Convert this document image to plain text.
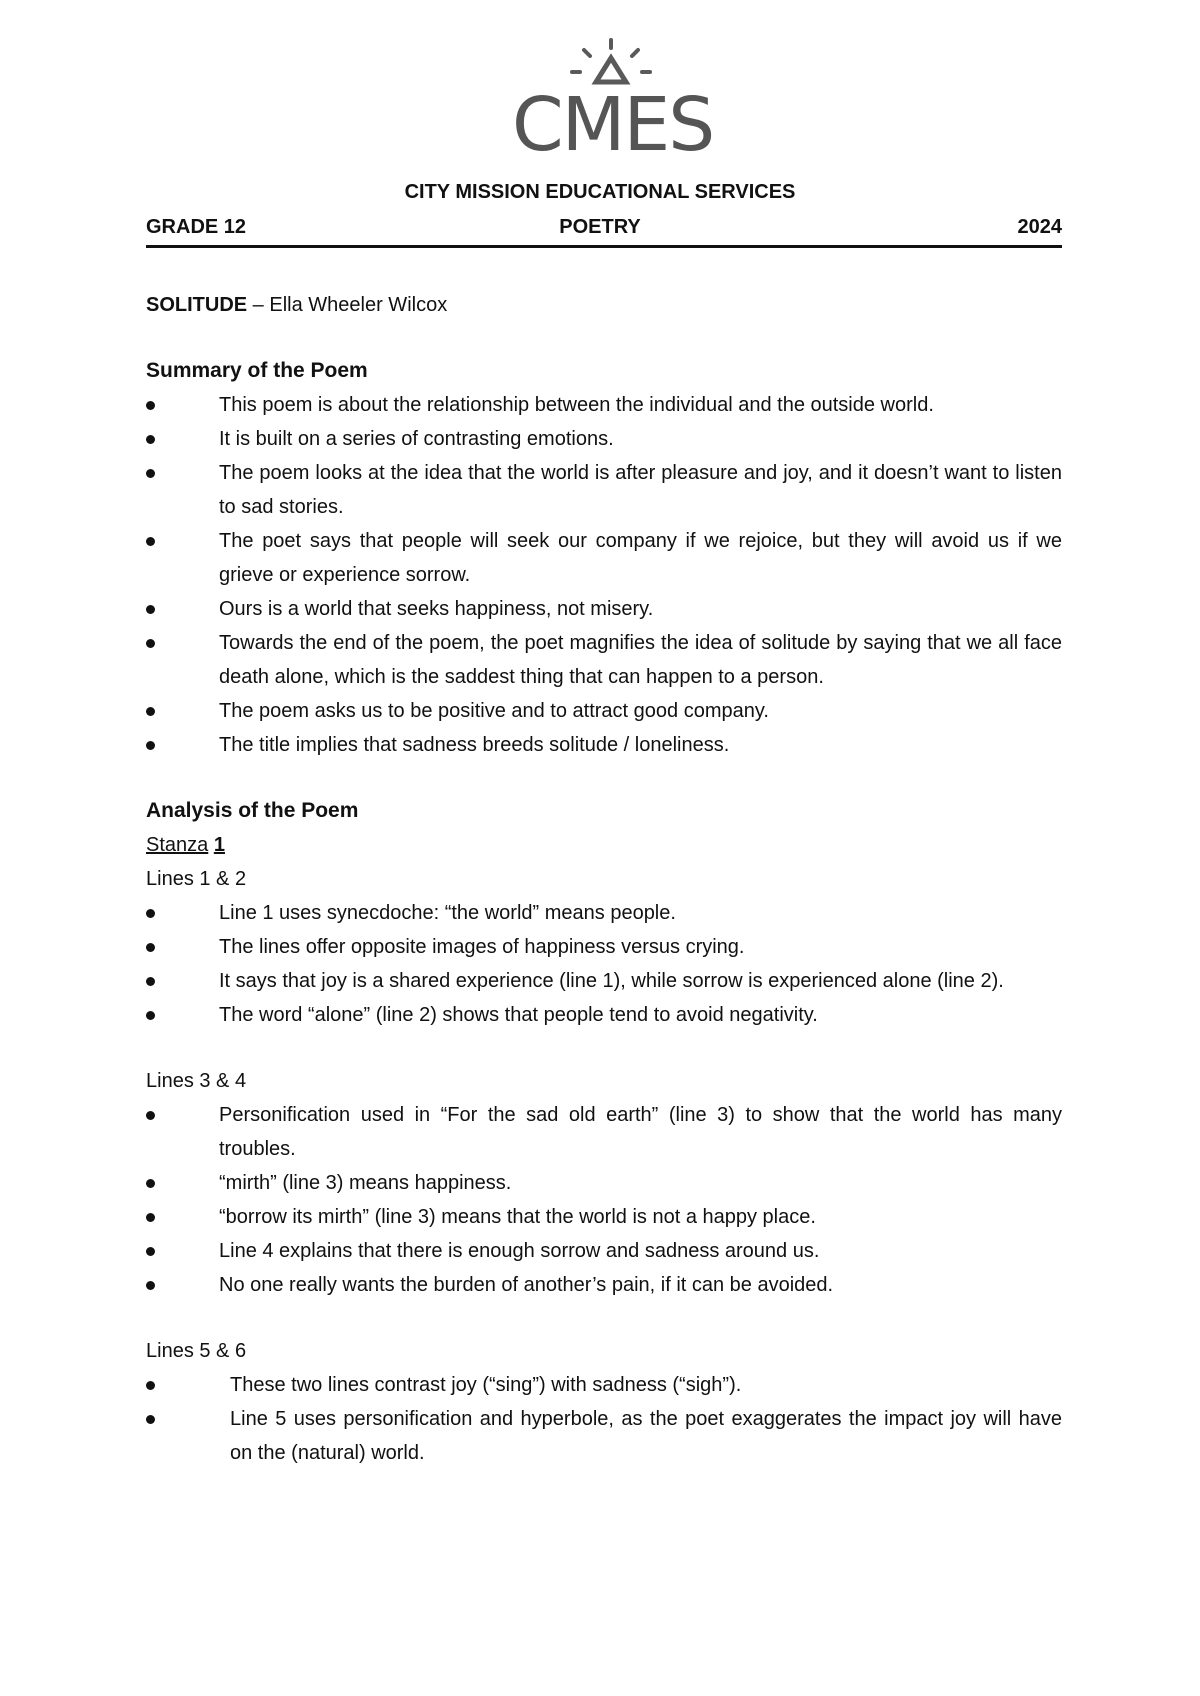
CMES
CITY MISSION EDUCATIONAL SERVICES
GRADE 12	POETRY	2024
SOLITUDE – Ella Wheeler Wilcox
Summary of the Poem
This poem is about the relationship between the individual and the outside world.
It is built on a series of contrasting emotions.
The poem looks at the idea that the world is after pleasure and joy, and it doesn’t want to listen to sad stories.
The poet says that people will seek our company if we rejoice, but they will avoid us if we grieve or experience sorrow.
Ours is a world that seeks happiness, not misery.
Towards the end of the poem, the poet magnifies the idea of solitude by saying that we all face death alone, which is the saddest thing that can happen to a person.
The poem asks us to be positive and to attract good company.
The title implies that sadness breeds solitude / loneliness.
Analysis of the Poem
Stanza 1
Lines 1 & 2
Line 1 uses synecdoche: “the world” means people.
The lines offer opposite images of happiness versus crying.
It says that joy is a shared experience (line 1), while sorrow is experienced alone (line 2).
The word “alone” (line 2) shows that people tend to avoid negativity.
Lines 3 & 4
Personification used in “For the sad old earth” (line 3) to show that the world has many troubles.
“mirth” (line 3) means happiness.
“borrow its mirth” (line 3) means that the world is not a happy place.
Line 4 explains that there is enough sorrow and sadness around us.
No one really wants the burden of another’s pain, if it can be avoided.
Lines 5 & 6
These two lines contrast joy (“sing”) with sadness (“sigh”).
Line 5 uses personification and hyperbole, as the poet exaggerates the impact joy will have on the (natural) world.
